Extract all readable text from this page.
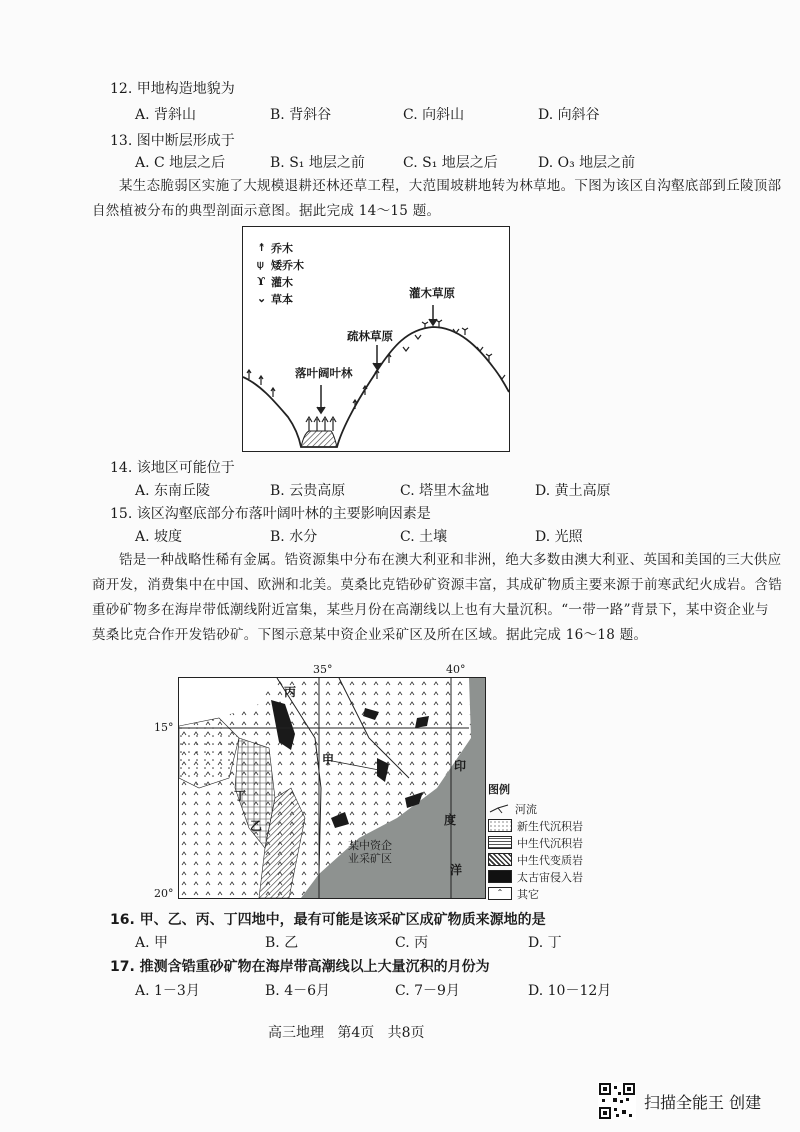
12. 甲地构造地貌为
A. 背斜山	B. 背斜谷	C. 向斜山	D. 向斜谷
13. 图中断层形成于
A. C 地层之后	B. S₁ 地层之前	C. S₁ 地层之后	D. O₃ 地层之前
某生态脆弱区实施了大规模退耕还林还草工程，大范围坡耕地转为林草地。下图为该区自沟壑底部到丘陵顶部自然植被分布的典型剖面示意图。据此完成 14～15 题。
↟ 乔木
⍦ 矮乔木
ϒ 灌木
⌄ 草本	灌木草原
疏林草原
落叶阔叶林
14. 该地区可能位于
A. 东南丘陵	B. 云贵高原	C. 塔里木盆地	D. 黄土高原
15. 该区沟壑底部分布落叶阔叶林的主要影响因素是
A. 坡度	B. 水分	C. 土壤	D. 光照
锆是一种战略性稀有金属。锆资源集中分布在澳大利亚和非洲，绝大多数由澳大利亚、英国和美国的三大供应商开发，消费集中在中国、欧洲和北美。莫桑比克锆砂矿资源丰富，其成矿物质主要来源于前寒武纪火成岩。含锆重砂矿物多在海岸带低潮线附近富集，某些月份在高潮线以上也有大量沉积。“一带一路”背景下，某中资企业与莫桑比克合作开发锆砂矿。下图示意某中资企业采矿区及所在区域。据此完成 16～18 题。
35°	40°
15°
20°
丙
甲
丁
乙
印
度
洋
某中资企
业采矿区
图例
河流
新生代沉积岩
中生代沉积岩
中生代变质岩
太古宙侵入岩
⌃	其它
16. 甲、乙、丙、丁四地中，最有可能是该采矿区成矿物质来源地的是
A. 甲	B. 乙	C. 丙	D. 丁
17. 推测含锆重砂矿物在海岸带高潮线以上大量沉积的月份为
A. 1－3月	B. 4－6月	C. 7－9月	D. 10－12月
高三地理   第4页   共8页
扫描全能王 创建
